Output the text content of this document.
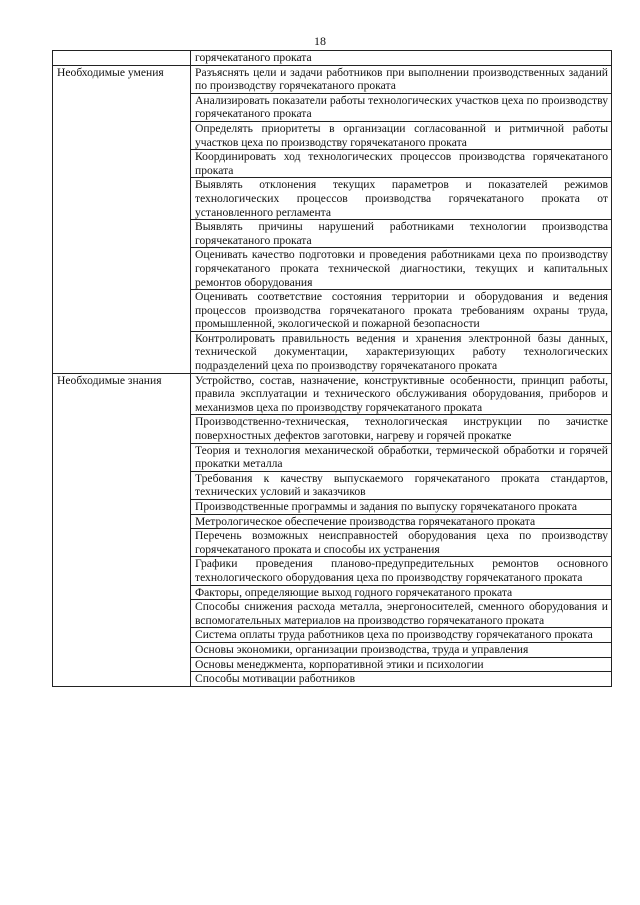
18
	горячекатаного проката
Необходимые умения	Разъяснять цели и задачи работников при выполнении производственных заданий по производству горячекатаного проката
	Анализировать показатели работы технологических участков цеха по производству горячекатаного проката
	Определять приоритеты в организации согласованной и ритмичной работы участков цеха по производству горячекатаного проката
	Координировать ход технологических процессов производства горячекатаного проката
	Выявлять отклонения текущих параметров и показателей режимов технологических процессов производства горячекатаного проката от установленного регламента
	Выявлять причины нарушений работниками технологии производства горячекатаного проката
	Оценивать качество подготовки и проведения работниками цеха по производству горячекатаного проката технической диагностики, текущих и капитальных ремонтов оборудования
	Оценивать соответствие состояния территории и оборудования и ведения процессов производства горячекатаного проката требованиям охраны труда, промышленной, экологической и пожарной безопасности
	Контролировать правильность ведения и хранения электронной базы данных, технической документации, характеризующих работу технологических подразделений цеха по производству горячекатаного проката
Необходимые знания	Устройство, состав, назначение, конструктивные особенности, принцип работы, правила эксплуатации и технического обслуживания оборудования, приборов и механизмов цеха по производству горячекатаного проката
	Производственно-техническая, технологическая инструкции по зачистке поверхностных дефектов заготовки, нагреву и горячей прокатке
	Теория и технология механической обработки, термической обработки и горячей прокатки металла
	Требования к качеству выпускаемого горячекатаного проката стандартов, технических условий и заказчиков
	Производственные программы и задания по выпуску горячекатаного проката
	Метрологическое обеспечение производства горячекатаного проката
	Перечень возможных неисправностей оборудования цеха по производству горячекатаного проката и способы их устранения
	Графики проведения планово-предупредительных ремонтов основного технологического оборудования цеха по производству горячекатаного проката
	Факторы, определяющие выход годного горячекатаного проката
	Способы снижения расхода металла, энергоносителей, сменного оборудования и вспомогательных материалов на производство горячекатаного проката
	Система оплаты труда работников цеха по производству горячекатаного проката
	Основы экономики, организации производства, труда и управления
	Основы менеджмента, корпоративной этики и психологии
	Способы мотивации работников
